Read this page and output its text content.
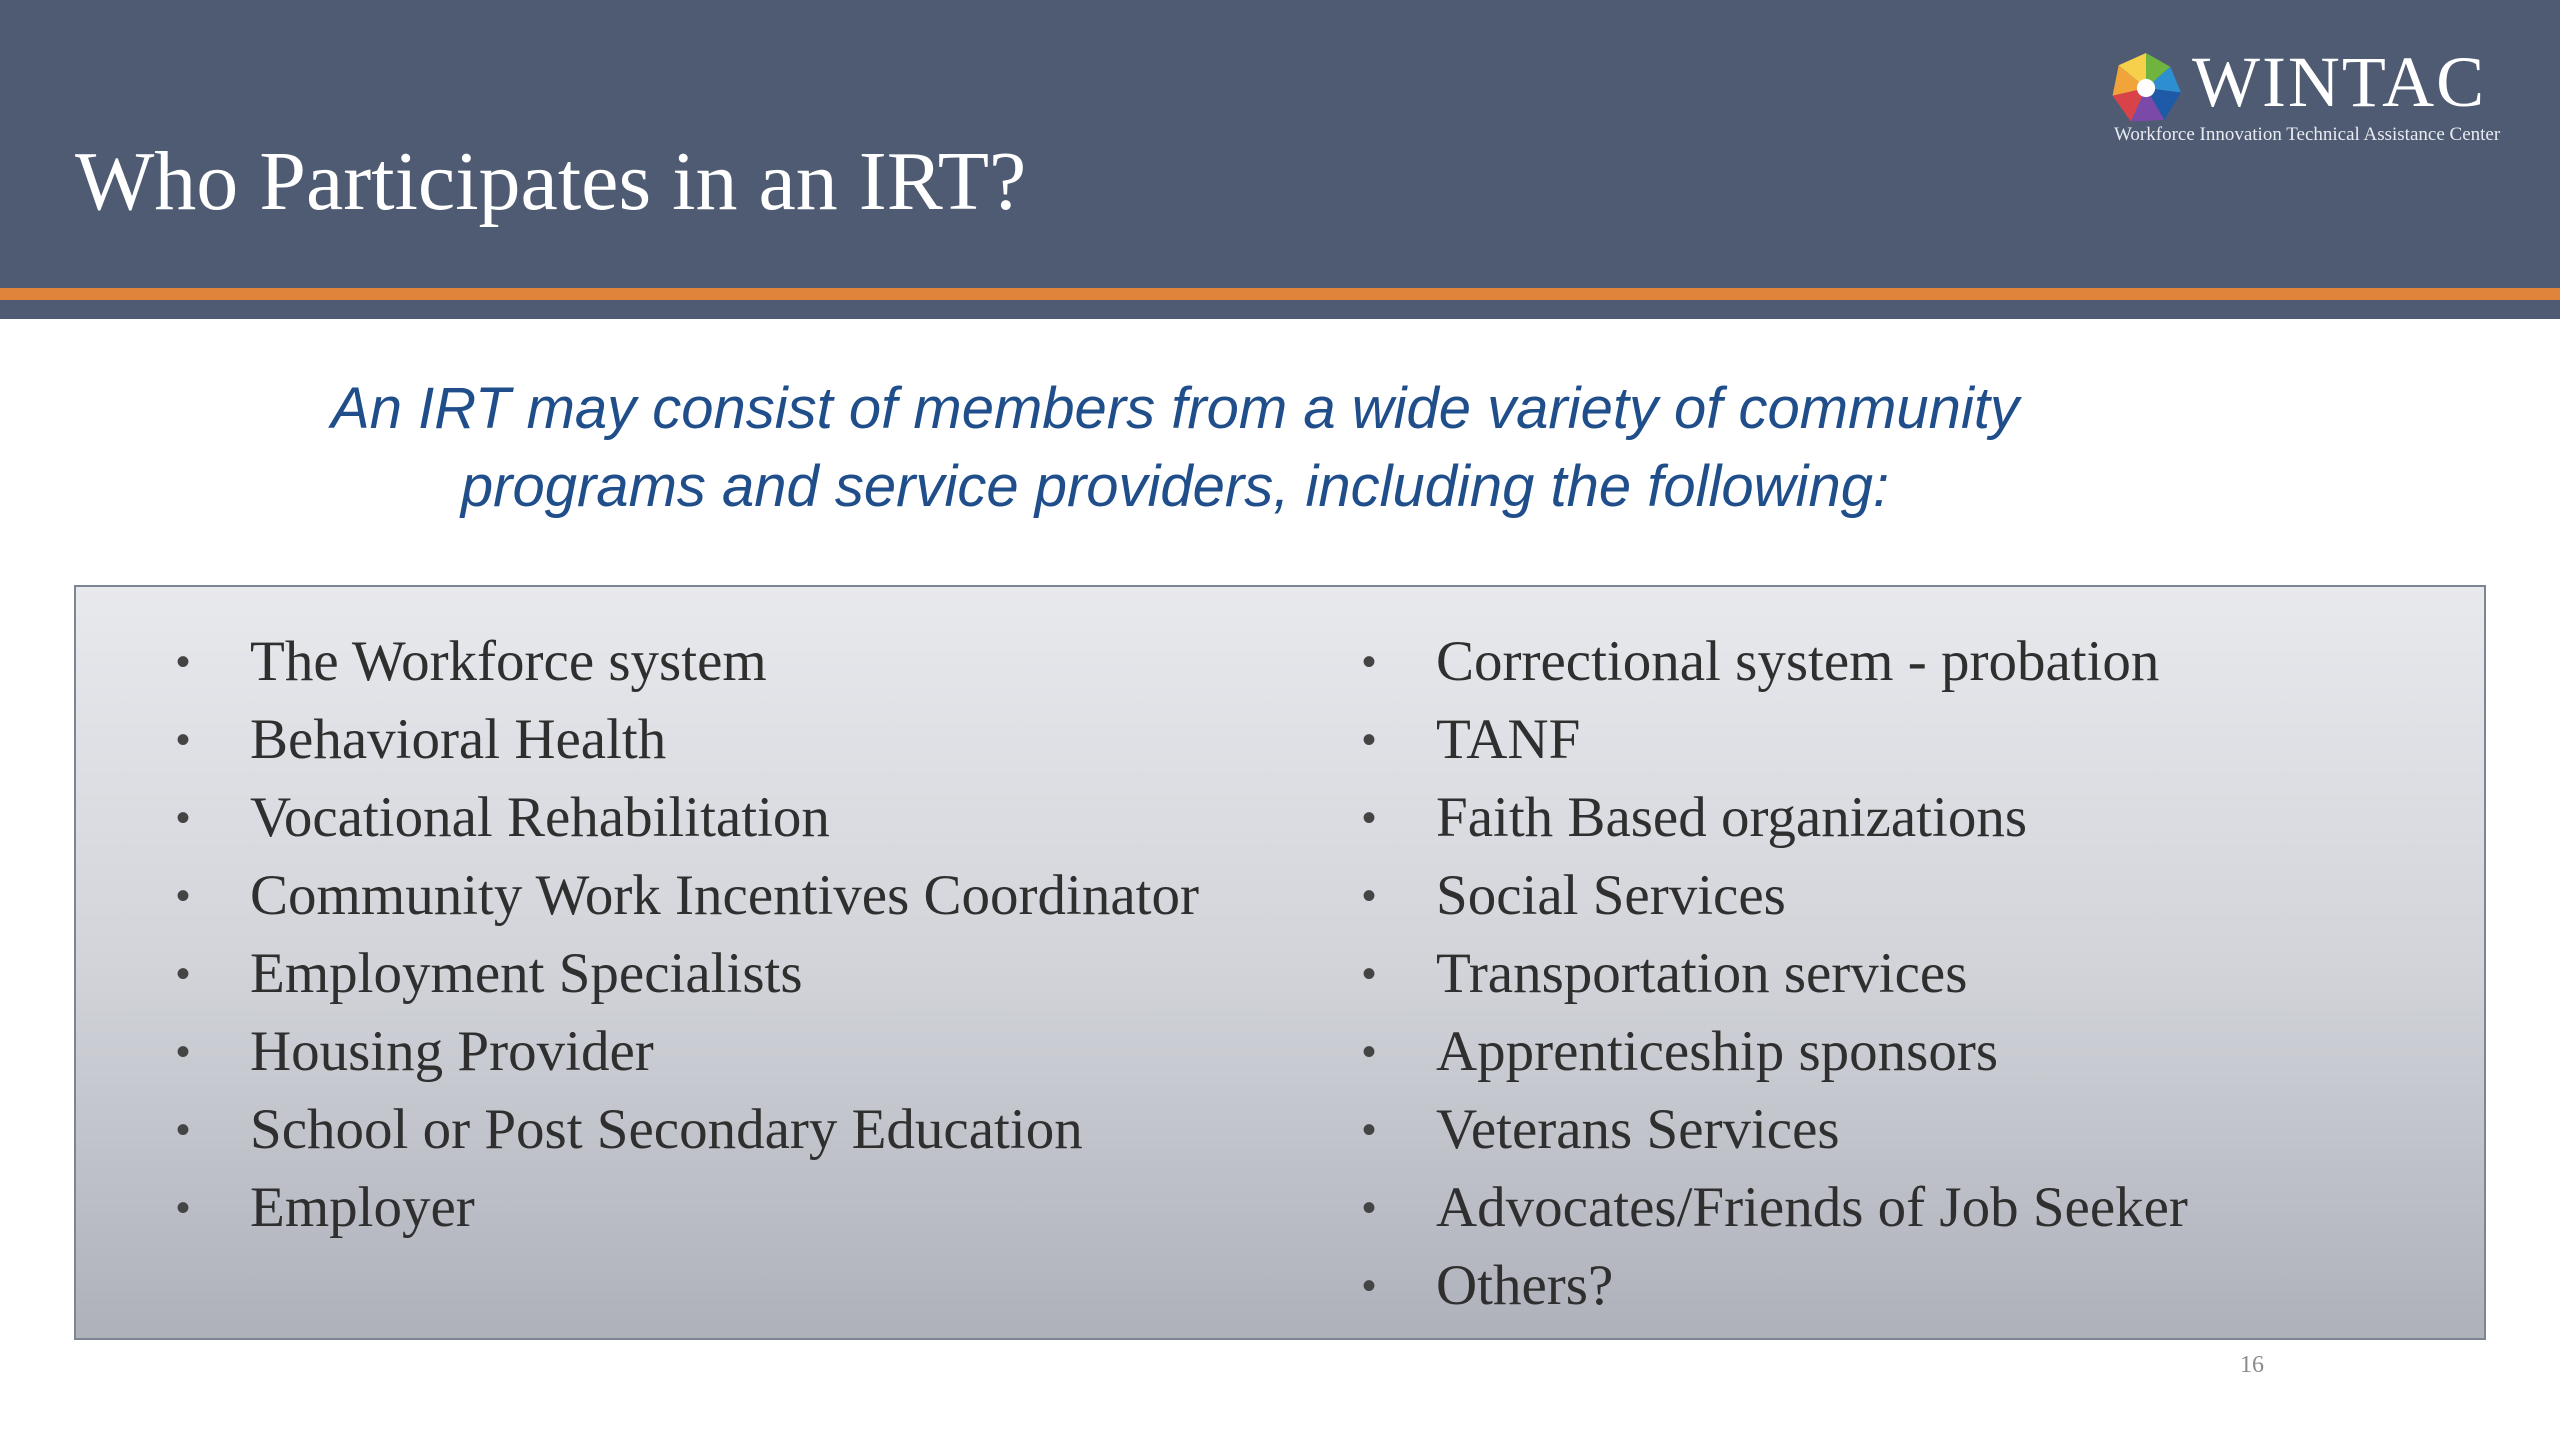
Who Participates in an IRT?
WINTAC
Workforce Innovation Technical Assistance Center
An IRT may consist of members from a wide variety of community
programs and service providers, including the following:
• The Workforce system
• Behavioral Health
• Vocational Rehabilitation
• Community Work Incentives Coordinator
• Employment Specialists
• Housing Provider
• School or Post Secondary Education
• Employer
• Correctional system - probation
• TANF
• Faith Based organizations
• Social Services
• Transportation services
• Apprenticeship sponsors
• Veterans Services
• Advocates/Friends of Job Seeker
• Others?
16
